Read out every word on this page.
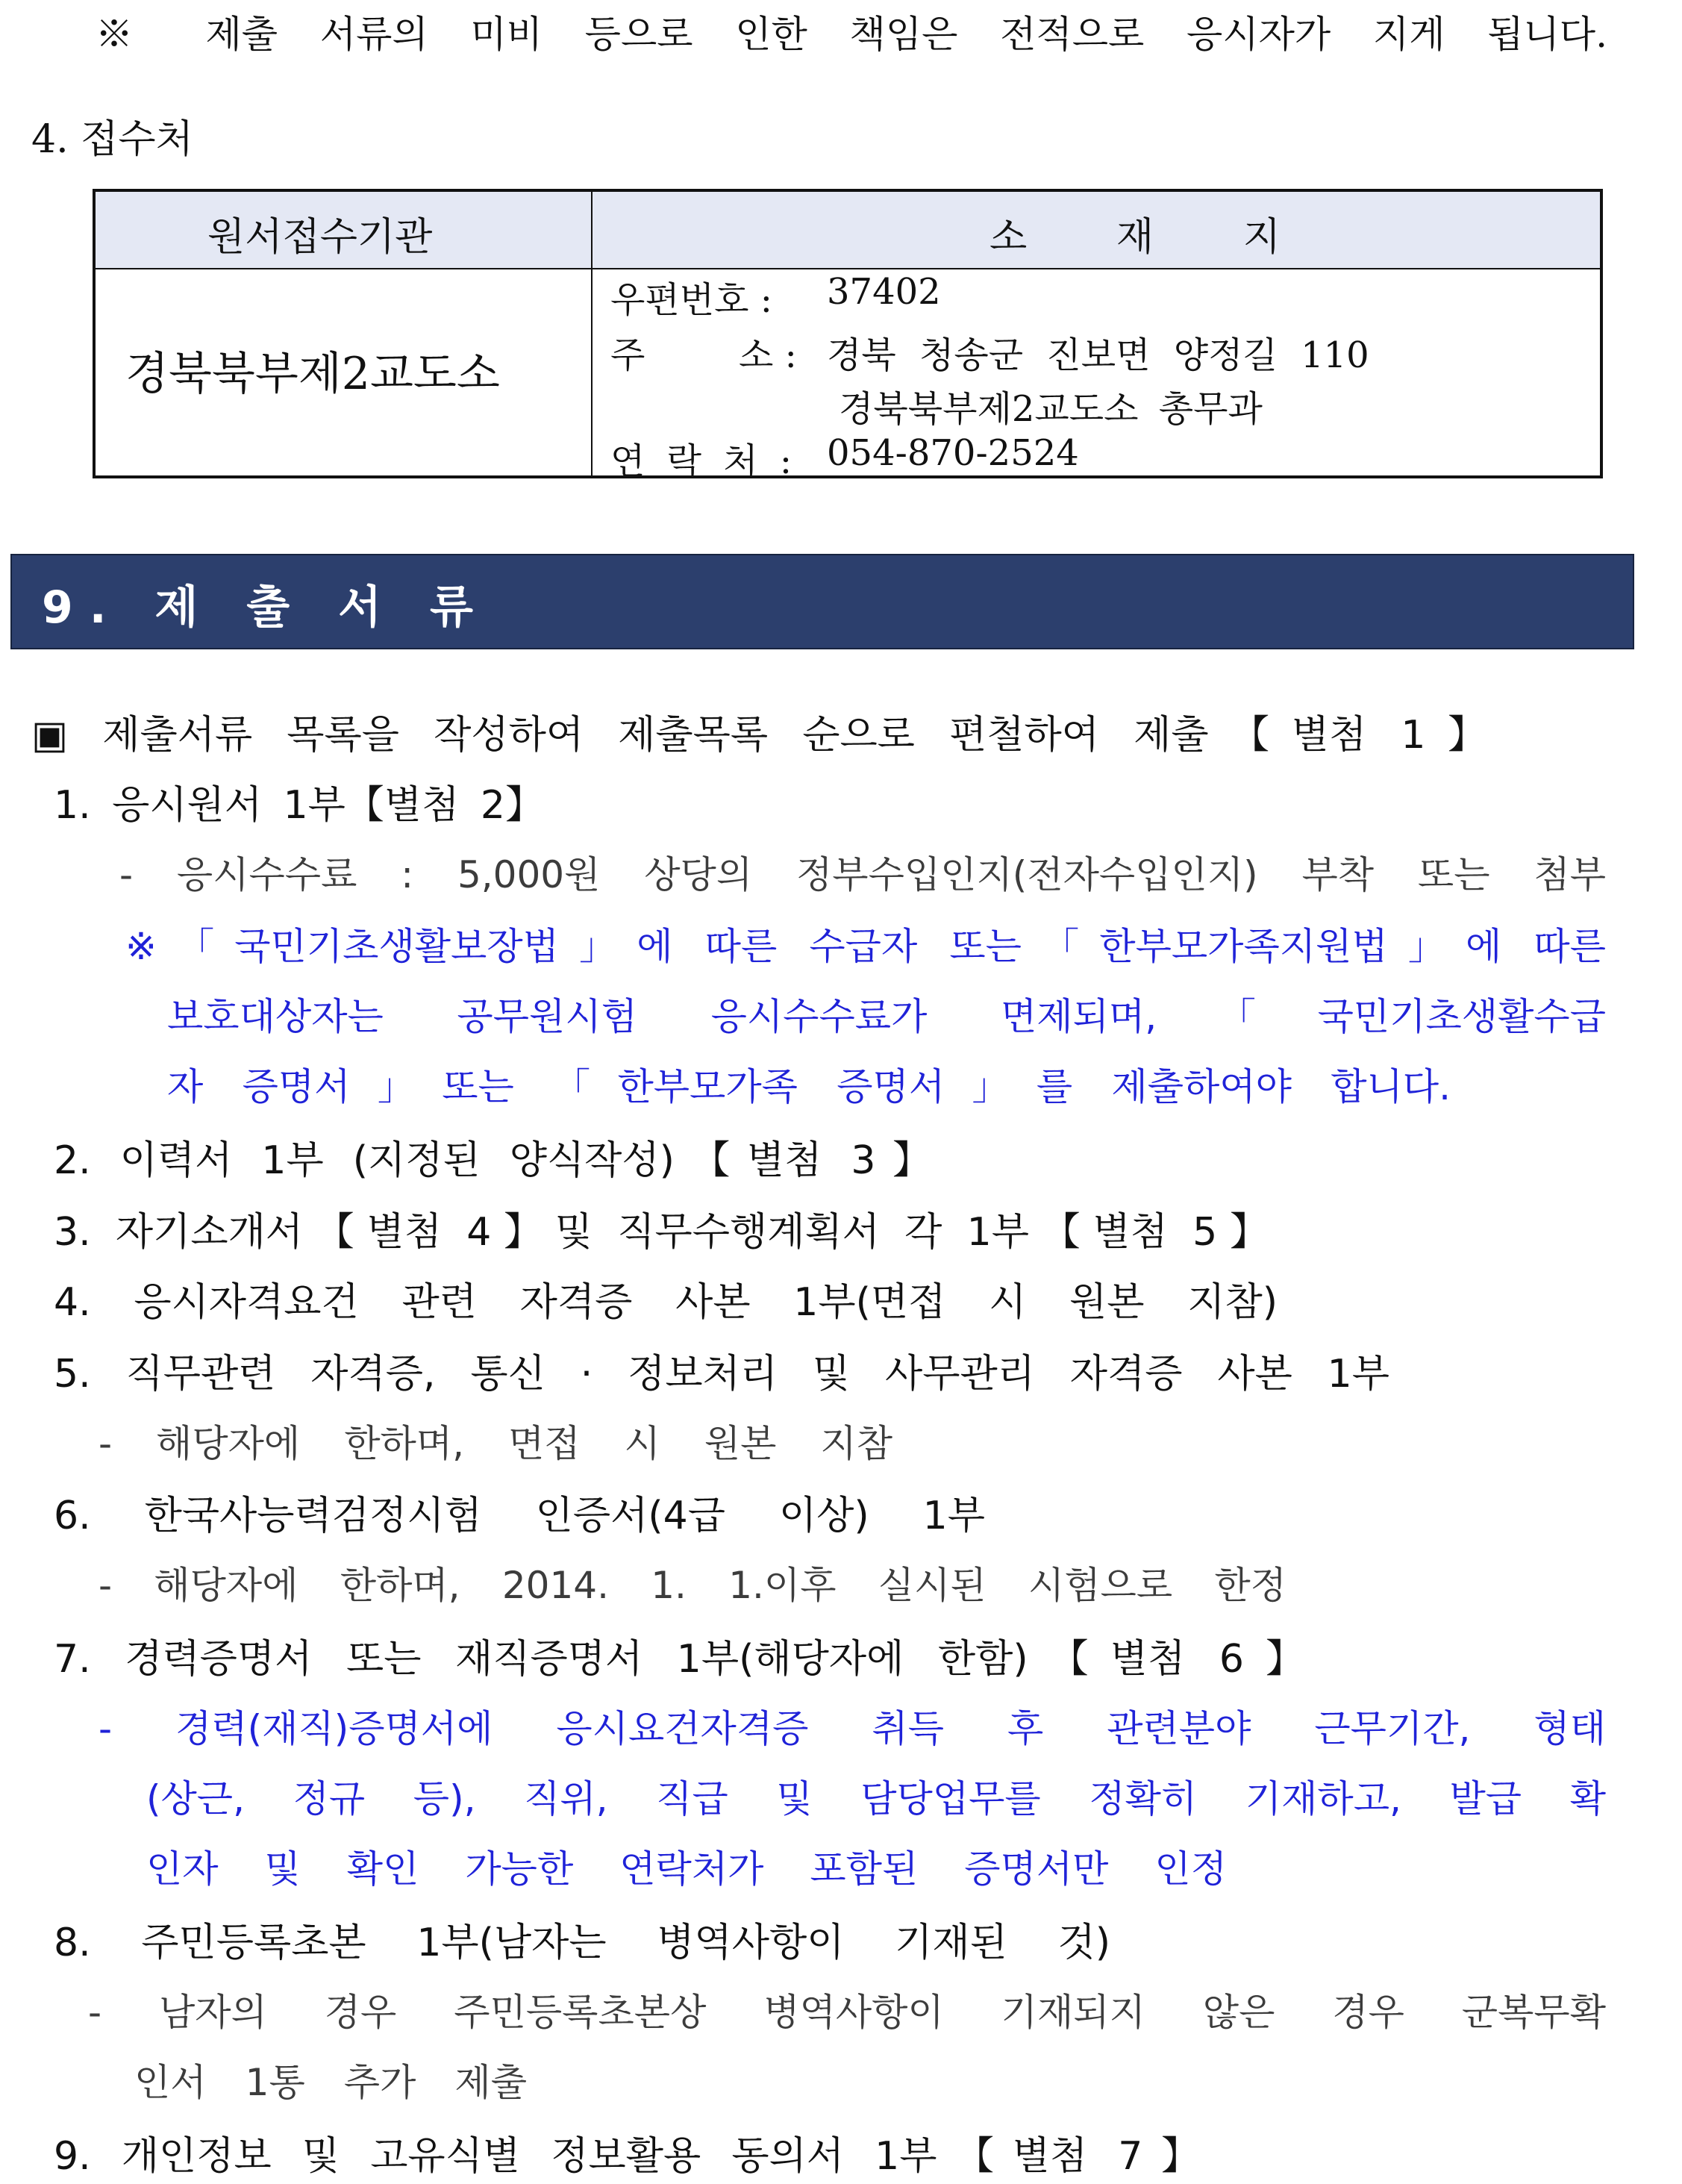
※ 제출 서류의 미비 등으로 인한 책임은 전적으로 응시자가 지게 됩니다.
4. 접수처
원서접수기관	소 재 지
경북북부제2교도소
우편번호 : 37402
주	소 : 경북 청송군 진보면 양정길 110
경북북부제2교도소 총무과
연 락 처 : 054-870-2524
9. 제 출 서 류
▣ 제출서류 목록을 작성하여 제출목록 순으로 편철하여 제출【별첨 1】
1. 응시원서 1부【별첨 2】
- 응시수수료 : 5,000원 상당의 정부수입인지(전자수입인지) 부착 또는 첨부
※「국민기초생활보장법」에 따른 수급자 또는「한부모가족지원법」에 따른
보호대상자는 공무원시험 응시수수료가 면제되며,「국민기초생활수급
자 증명서」또는 「한부모가족 증명서」를 제출하여야 합니다.
2. 이력서 1부 (지정된 양식작성)【별첨 3】
3. 자기소개서【별첨 4】및 직무수행계획서 각 1부【별첨 5】
4. 응시자격요건 관련 자격증 사본 1부(면접 시 원본 지참)
5. 직무관련 자격증, 통신 · 정보처리 및 사무관리 자격증 사본 1부
- 해당자에 한하며, 면접 시 원본 지참
6. 한국사능력검정시험 인증서(4급 이상) 1부
- 해당자에 한하며, 2014. 1. 1.이후 실시된 시험으로 한정
7. 경력증명서 또는 재직증명서 1부(해당자에 한함)【별첨 6】
- 경력(재직)증명서에 응시요건자격증 취득 후 관련분야 근무기간, 형태
(상근, 정규 등), 직위, 직급 및 담당업무를 정확히 기재하고, 발급 확
인자 및 확인 가능한 연락처가 포함된 증명서만 인정
8. 주민등록초본 1부(남자는 병역사항이 기재된 것)
- 남자의 경우 주민등록초본상 병역사항이 기재되지 않은 경우 군복무확
인서 1통 추가 제출
9. 개인정보 및 고유식별 정보활용 동의서 1부【별첨 7】
